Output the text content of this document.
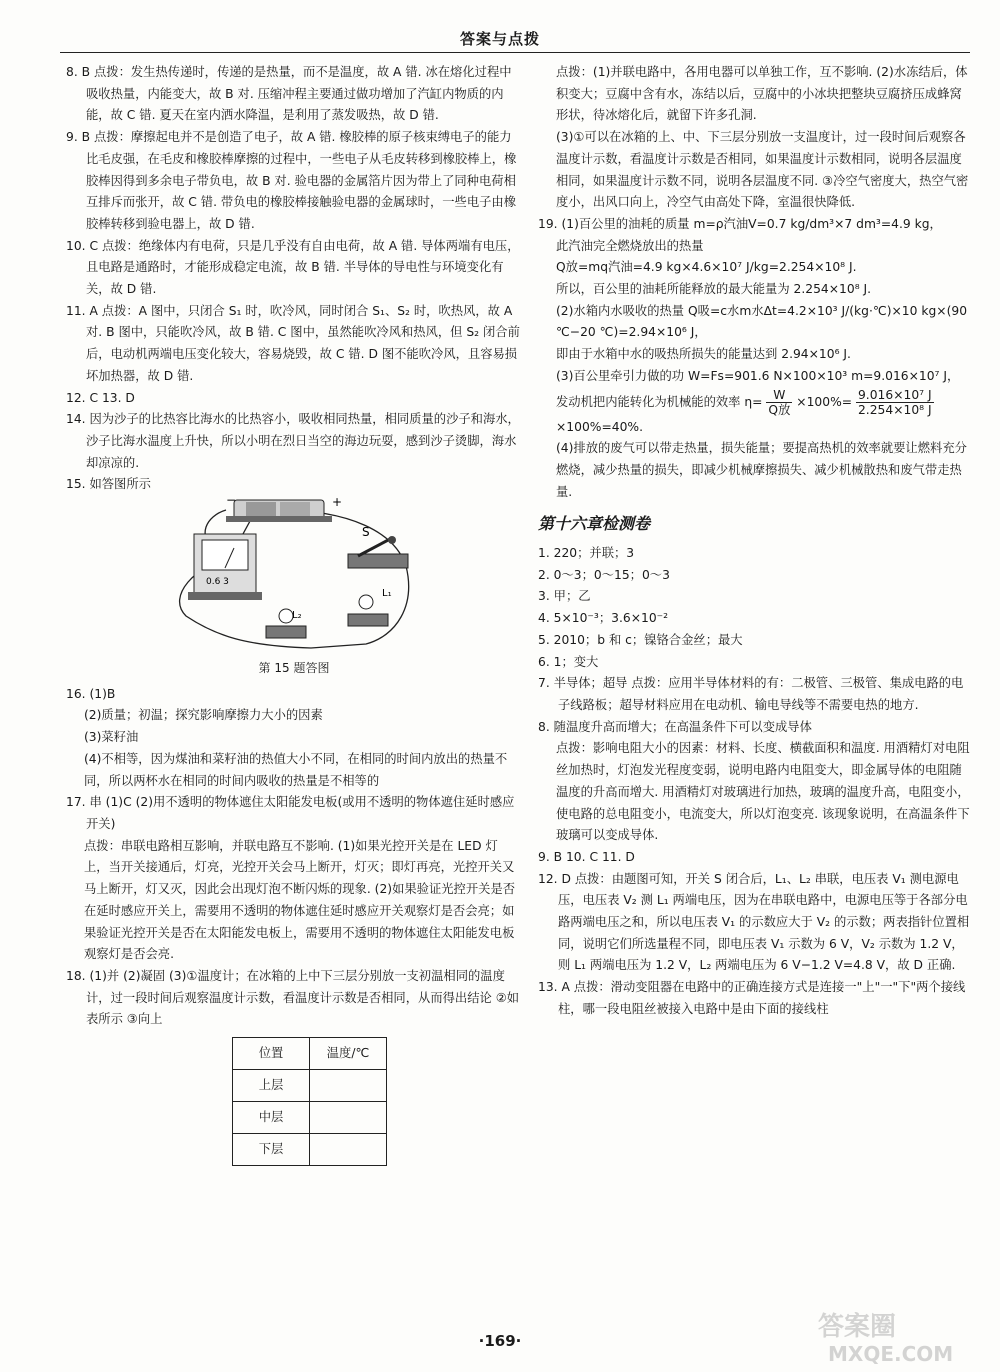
答案与点拨

8. B 点拨：发生热传递时，传递的是热量，而不是温度，故 A 错. 冰在熔化过程中吸收热量，内能变大，故 B 对. 压缩冲程主要通过做功增加了汽缸内物质的内能，故 C 错. 夏天在室内洒水降温，是利用了蒸发吸热，故 D 错.

9. B 点拨：摩擦起电并不是创造了电子，故 A 错. 橡胶棒的原子核束缚电子的能力比毛皮强，在毛皮和橡胶棒摩擦的过程中，一些电子从毛皮转移到橡胶棒上，橡胶棒因得到多余电子带负电，故 B 对. 验电器的金属箔片因为带上了同种电荷相互排斥而张开，故 C 错. 带负电的橡胶棒接触验电器的金属球时，一些电子由橡胶棒转移到验电器上，故 D 错.

10. C 点拨：绝缘体内有电荷，只是几乎没有自由电荷，故 A 错. 导体两端有电压，且电路是通路时，才能形成稳定电流，故 B 错. 半导体的导电性与环境变化有关，故 D 错.

11. A 点拨：A 图中，只闭合 S₁ 时，吹冷风，同时闭合 S₁、S₂ 时，吹热风，故 A 对. B 图中，只能吹冷风，故 B 错. C 图中，虽然能吹冷风和热风，但 S₂ 闭合前后，电动机两端电压变化较大，容易烧毁，故 C 错. D 图不能吹冷风，且容易损坏加热器，故 D 错.

12. C 13. D

14. 因为沙子的比热容比海水的比热容小，吸收相同热量，相同质量的沙子和海水，沙子比海水温度上升快，所以小明在烈日当空的海边玩耍，感到沙子烫脚，海水却凉凉的.

15. 如答图所示

−	+
S
0.6 3
L₂
L₁
第 15 题答图

16. (1)B

(2)质量；初温；探究影响摩擦力大小的因素

(3)菜籽油

(4)不相等，因为煤油和菜籽油的热值大小不同，在相同的时间内放出的热量不同，所以两杯水在相同的时间内吸收的热量是不相等的

17. 串 (1)C (2)用不透明的物体遮住太阳能发电板(或用不透明的物体遮住延时感应开关)

点拨：串联电路相互影响，并联电路互不影响. (1)如果光控开关是在 LED 灯上，当开关接通后，灯亮，光控开关会马上断开，灯灭；即灯再亮，光控开关又马上断开，灯又灭，因此会出现灯泡不断闪烁的现象. (2)如果验证光控开关是否在延时感应开关上，需要用不透明的物体遮住延时感应开关观察灯是否会亮；如果验证光控开关是否在太阳能发电板上，需要用不透明的物体遮住太阳能发电板观察灯是否会亮.

18. (1)并 (2)凝固 (3)①温度计；在冰箱的上中下三层分别放一支初温相同的温度计，过一段时间后观察温度计示数，看温度计示数是否相同，从而得出结论 ②如表所示 ③向上

位置	温度/℃
上层	
中层	
下层	

点拨：(1)并联电路中，各用电器可以单独工作，互不影响. (2)水冻结后，体积变大；豆腐中含有水，冻结以后，豆腐中的小冰块把整块豆腐挤压成蜂窝形状，待冰熔化后，就留下许多孔洞.

(3)①可以在冰箱的上、中、下三层分别放一支温度计，过一段时间后观察各温度计示数，看温度计示数是否相同，如果温度计示数相同，说明各层温度相同，如果温度计示数不同，说明各层温度不同. ③冷空气密度大，热空气密度小，出风口向上，冷空气由高处下降，室温很快降低.

19. (1)百公里的油耗的质量 m=ρ汽油V=0.7 kg/dm³×7 dm³=4.9 kg，

此汽油完全燃烧放出的热量

Q放=mq汽油=4.9 kg×4.6×10⁷ J/kg=2.254×10⁸ J.

所以，百公里的油耗所能释放的最大能量为 2.254×10⁸ J.

(2)水箱内水吸收的热量 Q吸=c水m水Δt=4.2×10³ J/(kg·℃)×10 kg×(90 ℃−20 ℃)=2.94×10⁶ J，

即由于水箱中水的吸热所损失的能量达到 2.94×10⁶ J.

(3)百公里牵引力做的功 W=Fs=901.6 N×100×10³ m=9.016×10⁷ J，

发动机把内能转化为机械能的效率 $\eta= \frac{W}{\text{Q放}} \times 100\%= \frac{\text{9.016×10⁷ J}}{\text{2.254×10⁸ J}}$
×100%=40%.

(4)排放的废气可以带走热量，损失能量；要提高热机的效率就要让燃料充分燃烧，减少热量的损失，即减少机械摩擦损失、减少机械散热和废气带走热量.

第十六章检测卷

1. 220；并联；3

2. 0～3；0～15；0～3

3. 甲；乙

4. 5×10⁻³；3.6×10⁻²

5. 2010；b 和 c；镍铬合金丝；最大

6. 1；变大

7. 半导体；超导 点拨：应用半导体材料的有：二极管、三极管、集成电路的电子线路板；超导材料应用在电动机、输电导线等不需要电热的地方.

8. 随温度升高而增大；在高温条件下可以变成导体

点拨：影响电阻大小的因素：材料、长度、横截面积和温度. 用酒精灯对电阻丝加热时，灯泡发光程度变弱，说明电路内电阻变大，即金属导体的电阻随温度的升高而增大. 用酒精灯对玻璃进行加热，玻璃的温度升高，电阻变小，使电路的总电阻变小，电流变大，所以灯泡变亮. 该现象说明，在高温条件下玻璃可以变成导体.

9. B 10. C 11. D

12. D 点拨：由题图可知，开关 S 闭合后，L₁、L₂ 串联，电压表 V₁ 测电源电压，电压表 V₂ 测 L₁ 两端电压，因为在串联电路中，电源电压等于各部分电路两端电压之和，所以电压表 V₁ 的示数应大于 V₂ 的示数；两表指针位置相同，说明它们所选量程不同，即电压表 V₁ 示数为 6 V，V₂ 示数为 1.2 V，则 L₁ 两端电压为 1.2 V，L₂ 两端电压为 6 V−1.2 V=4.8 V，故 D 正确.

13. A 点拨：滑动变阻器在电路中的正确连接方式是连接一"上"一"下"两个接线柱，哪一段电阻丝被接入电路中是由下面的接线柱

·169·	答案圈
MXQE.COM
